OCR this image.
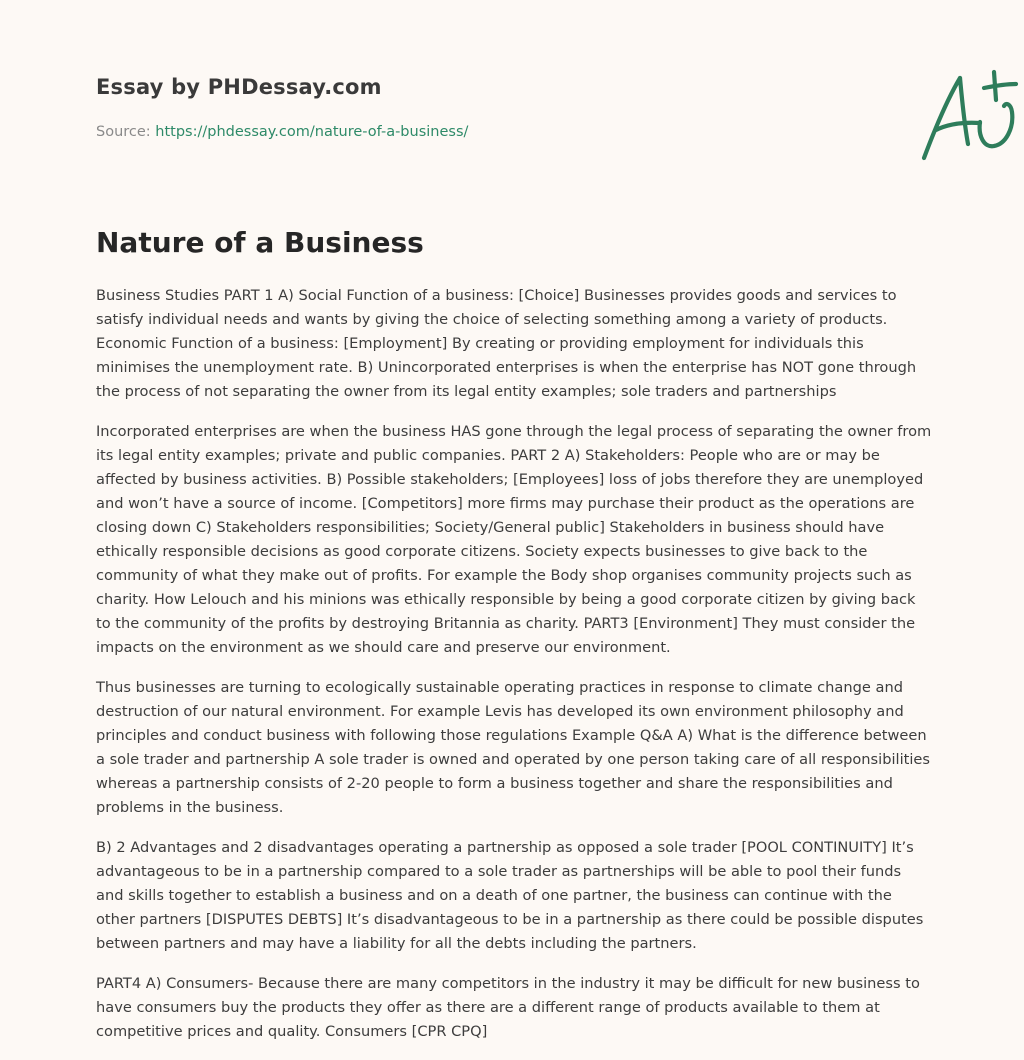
Essay by PHDessay.com
Source: https://phdessay.com/nature-of-a-business/
Nature of a Business

Business Studies PART 1 A) Social Function of a business: [Choice] Businesses provides goods and services to satisfy individual needs and wants by giving the choice of selecting something among a variety of products. Economic Function of a business: [Employment] By creating or providing employment for individuals this minimises the unemployment rate. B) Unincorporated enterprises is when the enterprise has NOT gone through the process of not separating the owner from its legal entity examples; sole traders and partnerships

Incorporated enterprises are when the business HAS gone through the legal process of separating the owner from its legal entity examples; private and public companies. PART 2 A) Stakeholders: People who are or may be affected by business activities. B) Possible stakeholders; [Employees] loss of jobs therefore they are unemployed and won’t have a source of income. [Competitors] more firms may purchase their product as the operations are closing down C) Stakeholders responsibilities; Society/General public] Stakeholders in business should have ethically responsible decisions as good corporate citizens. Society expects businesses to give back to the community of what they make out of profits. For example the Body shop organises community projects such as charity. How Lelouch and his minions was ethically responsible by being a good corporate citizen by giving back to the community of the profits by destroying Britannia as charity. PART3 [Environment] They must consider the impacts on the environment as we should care and preserve our environment.

Thus businesses are turning to ecologically sustainable operating practices in response to climate change and destruction of our natural environment. For example Levis has developed its own environment philosophy and principles and conduct business with following those regulations Example Q&A A) What is the difference between a sole trader and partnership A sole trader is owned and operated by one person taking care of all responsibilities whereas a partnership consists of 2-20 people to form a business together and share the responsibilities and problems in the business.

B) 2 Advantages and 2 disadvantages operating a partnership as opposed a sole trader [POOL CONTINUITY] It’s advantageous to be in a partnership compared to a sole trader as partnerships will be able to pool their funds and skills together to establish a business and on a death of one partner, the business can continue with the other partners [DISPUTES DEBTS] It’s disadvantageous to be in a partnership as there could be possible disputes between partners and may have a liability for all the debts including the partners.

PART4 A) Consumers- Because there are many competitors in the industry it may be difficult for new business to have consumers buy the products they offer as there are a different range of products available to them at competitive prices and quality. Consumers [CPR CPQ]
